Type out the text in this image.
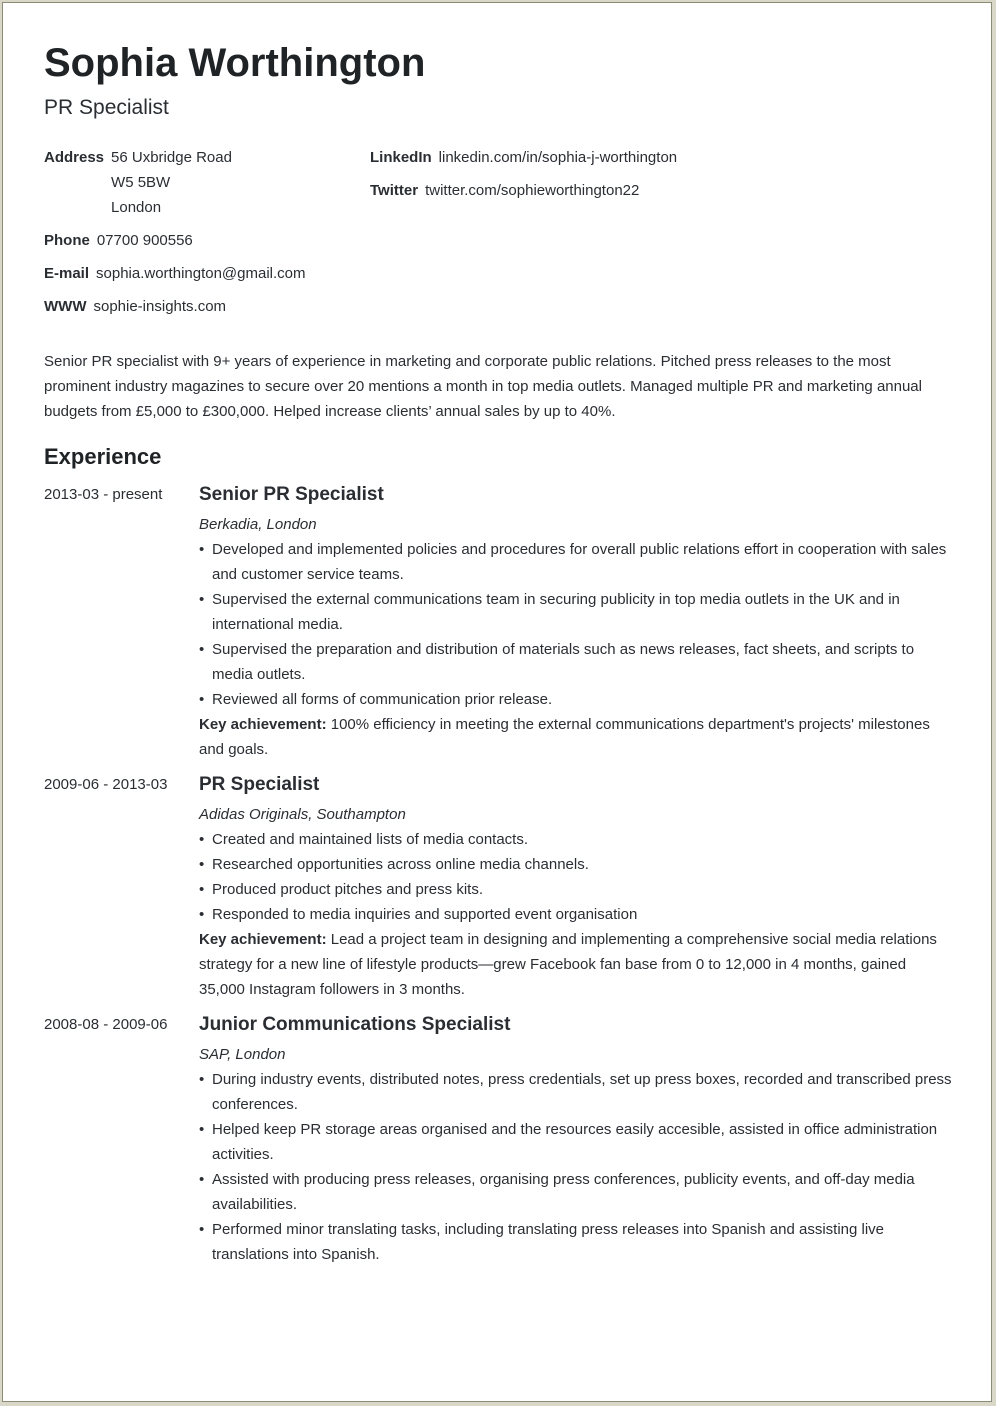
Sophia Worthington
PR Specialist
Address 56 Uxbridge Road
W5 5BW
London
Phone 07700 900556
E-mail sophia.worthington@gmail.com
WWW sophie-insights.com
LinkedIn linkedin.com/in/sophia-j-worthington
Twitter twitter.com/sophieworthington22
Senior PR specialist with 9+ years of experience in marketing and corporate public relations. Pitched press releases to the most prominent industry magazines to secure over 20 mentions a month in top media outlets. Managed multiple PR and marketing annual budgets from £5,000 to £300,000. Helped increase clients’ annual sales by up to 40%.
Experience
2013-03 - present Senior PR Specialist
Berkadia, London
• Developed and implemented policies and procedures for overall public relations effort in cooperation with sales and customer service teams.
• Supervised the external communications team in securing publicity in top media outlets in the UK and in international media.
• Supervised the preparation and distribution of materials such as news releases, fact sheets, and scripts to media outlets.
• Reviewed all forms of communication prior release.
Key achievement: 100% efficiency in meeting the external communications department's projects' milestones and goals.
2009-06 - 2013-03 PR Specialist
Adidas Originals, Southampton
• Created and maintained lists of media contacts.
• Researched opportunities across online media channels.
• Produced product pitches and press kits.
• Responded to media inquiries and supported event organisation
Key achievement: Lead a project team in designing and implementing a comprehensive social media relations strategy for a new line of lifestyle products—grew Facebook fan base from 0 to 12,000 in 4 months, gained 35,000 Instagram followers in 3 months.
2008-08 - 2009-06 Junior Communications Specialist
SAP, London
• During industry events, distributed notes, press credentials, set up press boxes, recorded and transcribed press conferences.
• Helped keep PR storage areas organised and the resources easily accesible, assisted in office administration activities.
• Assisted with producing press releases, organising press conferences, publicity events, and off-day media availabilities.
• Performed minor translating tasks, including translating press releases into Spanish and assisting live translations into Spanish.
